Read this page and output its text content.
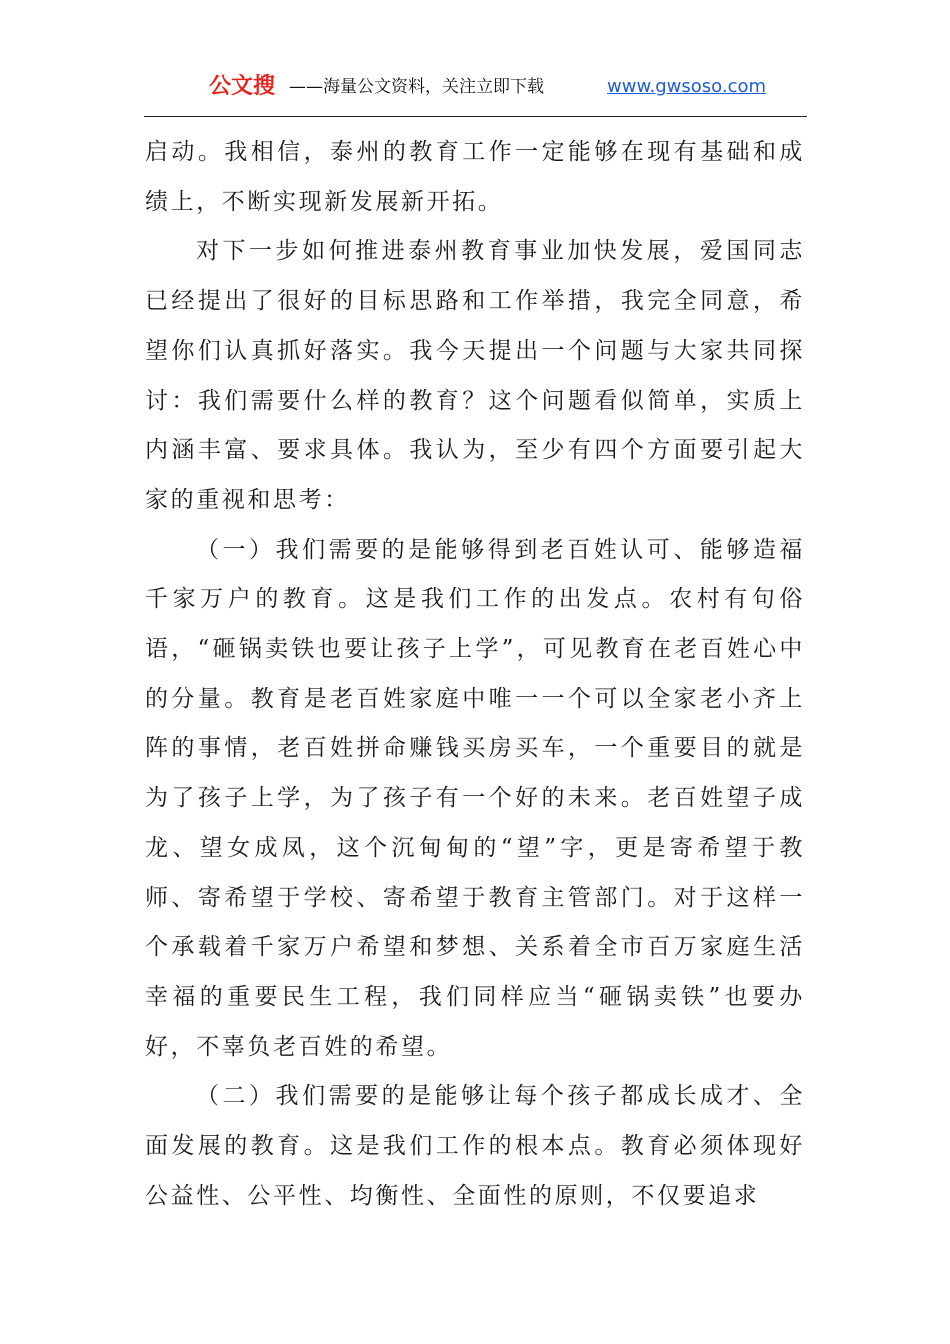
公文搜 ——海量公文资料，关注立即下载	www.gwsoso.com

启动。我相信，泰州的教育工作一定能够在现有基础和成绩上，不断实现新发展新开拓。

对下一步如何推进泰州教育事业加快发展，爱国同志已经提出了很好的目标思路和工作举措，我完全同意，希望你们认真抓好落实。我今天提出一个问题与大家共同探讨：我们需要什么样的教育？这个问题看似简单，实质上内涵丰富、要求具体。我认为，至少有四个方面要引起大家的重视和思考：

（一）我们需要的是能够得到老百姓认可、能够造福千家万户的教育。这是我们工作的出发点。农村有句俗语，“砸锅卖铁也要让孩子上学”，可见教育在老百姓心中的分量。教育是老百姓家庭中唯一一个可以全家老小齐上阵的事情，老百姓拼命赚钱买房买车，一个重要目的就是为了孩子上学，为了孩子有一个好的未来。老百姓望子成龙、望女成凤，这个沉甸甸的“望”字，更是寄希望于教师、寄希望于学校、寄希望于教育主管部门。对于这样一个承载着千家万户希望和梦想、关系着全市百万家庭生活幸福的重要民生工程，我们同样应当“砸锅卖铁”也要办好，不辜负老百姓的希望。

（二）我们需要的是能够让每个孩子都成长成才、全面发展的教育。这是我们工作的根本点。教育必须体现好公益性、公平性、均衡性、全面性的原则，不仅要追求
